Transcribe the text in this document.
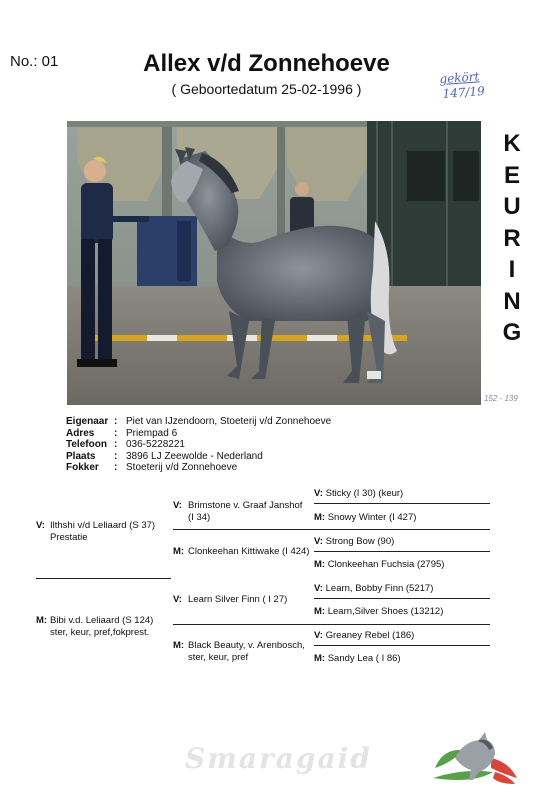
No.: 01	Allex v/d Zonnehoeve
( Geboortedatum 25-02-1996 )
gekört
147/19
K
E
U
R
I
N
G
152 - 139
Eigenaar : Piet van IJzendoorn, Stoeterij v/d Zonnehoeve
Adres	: Priempad 6
Telefoon : 036-5228221
Plaats	: 3896 LJ Zeewolde - Nederland
Fokker	: Stoeterij v/d Zonnehoeve
V: Ilthshi v/d Leliaard (S 37)
Prestatie
M: Bibi v.d. Leliaard (S 124)
ster, keur, pref,fokprest.
V: Brimstone v. Graaf Janshof
(I 34)
M: Clonkeehan Kittiwake (I 424)
V: Learn Silver Finn ( I 27)
M: Black Beauty, v. Arenbosch,
ster, keur, pref
V: Sticky (I 30) (keur)
M: Snowy Winter (I 427)
V: Strong Bow (90)
M: Clonkeehan Fuchsia (2795)
V: Learn, Bobby Finn (5217)
M: Learn,Silver Shoes (13212)
V: Greaney Rebel (186)
M: Sandy Lea ( I 86)
Smaragaid
